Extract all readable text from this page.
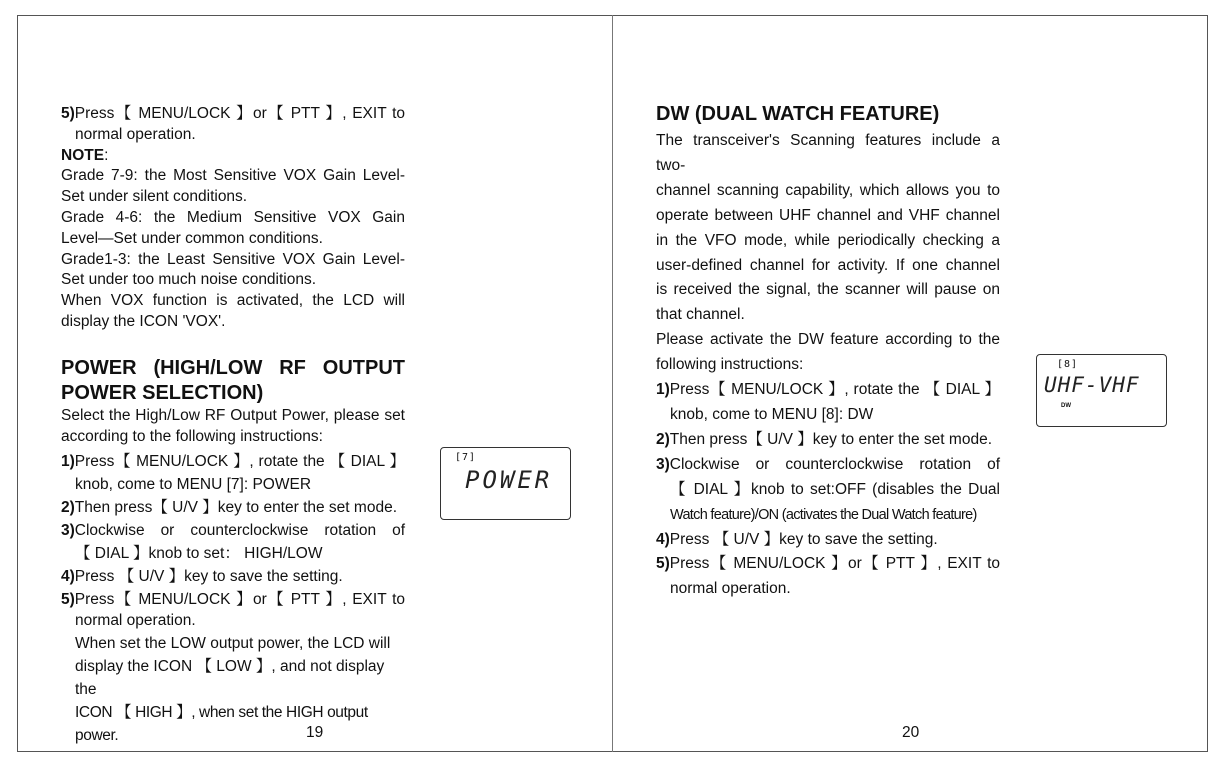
5)Press【 MENU/LOCK 】or【 PTT 】, EXIT to

normal operation.

NOTE:

Grade 7-9: the Most Sensitive VOX Gain Level-

Set under silent conditions.

Grade 4-6: the Medium Sensitive VOX Gain

Level—Set under common conditions.

Grade1-3: the Least Sensitive VOX Gain Level-

Set under too much noise conditions.

When VOX function is activated, the LCD will

display the ICON 'VOX'.

POWER (HIGH/LOW RF OUTPUT

POWER SELECTION)

Select the High/Low RF Output Power, please set

according to the following instructions:

1)Press【 MENU/LOCK 】, rotate the 【 DIAL 】

knob, come to MENU [7]: POWER

2)Then press【 U/V 】key to enter the set mode.

3)Clockwise or counterclockwise rotation of

【 DIAL 】knob to set： HIGH/LOW

4)Press 【 U/V 】key to save the setting.

5)Press【 MENU/LOCK 】or【 PTT 】, EXIT to

normal operation.

When set the LOW output power, the LCD will

display the ICON 【 LOW 】, and not display the

ICON 【 HIGH 】, when set the HIGH output power.

[7]
POWER
19

DW (DUAL WATCH FEATURE)

The transceiver's Scanning features include a two-

channel scanning capability, which allows you to

operate between UHF channel and VHF channel

in the VFO mode, while periodically checking a

user-defined channel for activity. If one channel

is received the signal, the scanner will pause on

that channel.

Please activate the DW feature according to the

following instructions:

1)Press【 MENU/LOCK 】, rotate the 【 DIAL 】

knob, come to MENU [8]: DW

2)Then press【 U/V 】key to enter the set mode.

3)Clockwise or counterclockwise rotation of

【 DIAL 】knob to set:OFF (disables the Dual

Watch feature)/ON (activates the Dual Watch feature)

4)Press 【 U/V 】key to save the setting.

5)Press【 MENU/LOCK 】or【 PTT 】, EXIT to

normal operation.

[8]
UHF-VHF
DW
20
